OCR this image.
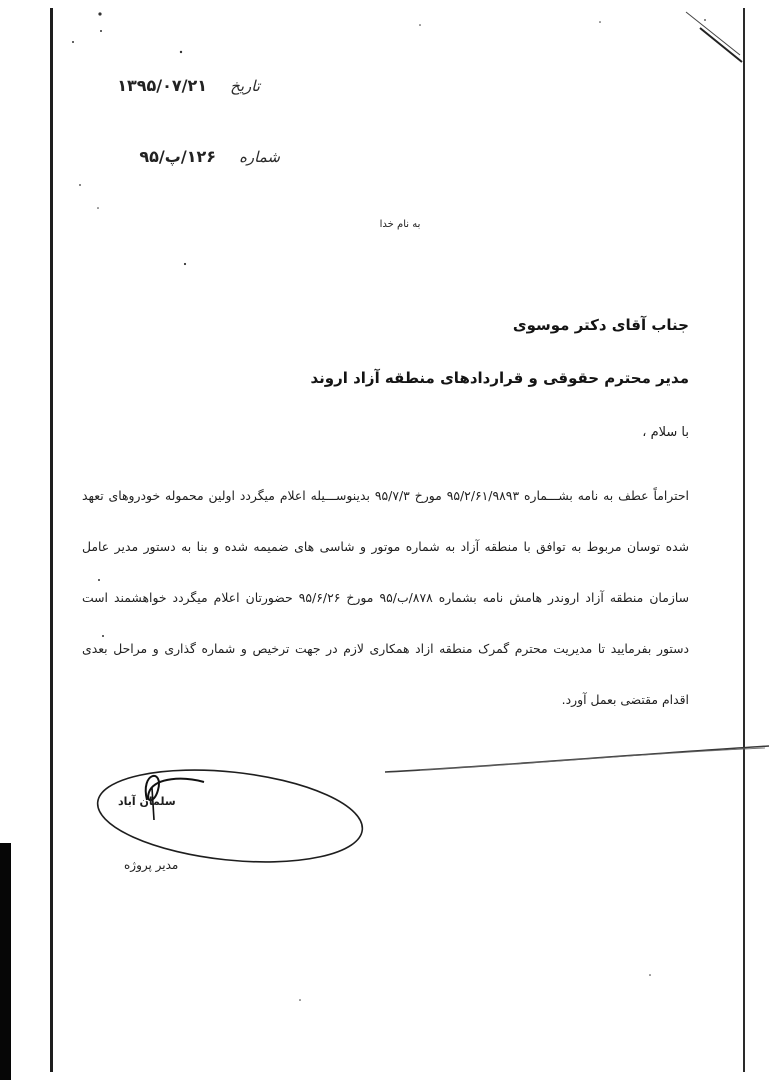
تاریخ ۱۳۹۵/۰۷/۲۱
شماره ۱۲۶/پ/۹۵
به نام خدا
جناب آقای دکتر موسوی
مدیر محترم حقوقی و قراردادهای منطقه آزاد اروند
با سلام ،
احتراماً عطف به نامه بشـــماره ۹۵/۲/۶۱/۹۸۹۳ مورخ ۹۵/۷/۳ بدینوســـیله اعلام میگردد اولین محموله خودروهای تعهد شده توسان مربوط به توافق با منطقه آزاد به شماره موتور و شاسی های ضمیمه شده و بنا به دستور مدیر عامل سازمان منطقه آزاد اروندر هامش نامه بشماره ۸۷۸/ب/۹۵ مورخ ۹۵/۶/۲۶ حضورتان اعلام میگردد خواهشمند است دستور بفرمایید تا مدیریت محترم گمرک منطقه ازاد همکاری لازم در جهت ترخیص و شماره گذاری و مراحل بعدی اقدام مقتضی بعمل آورد.
سلمان آباد
مدیر پروژه
